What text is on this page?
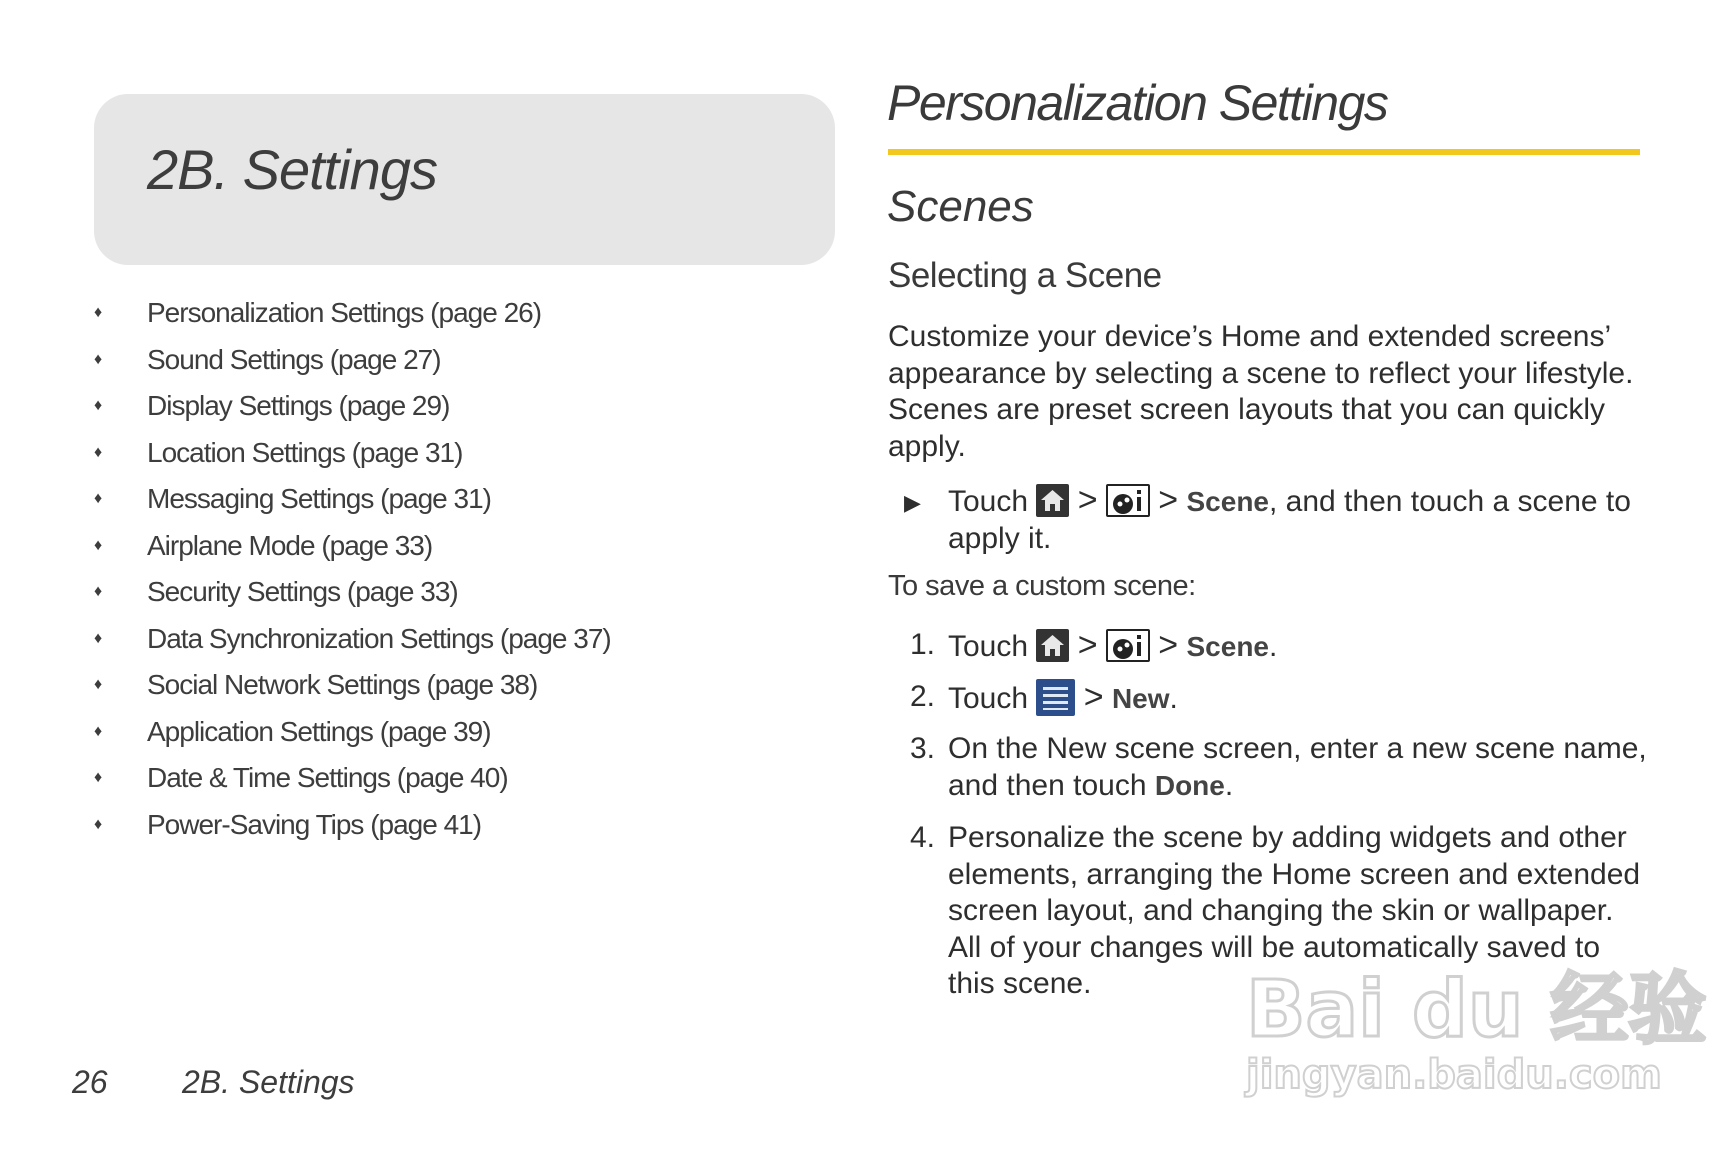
2B. Settings
♦	Personalization Settings (page 26)
♦	Sound Settings (page 27)
♦	Display Settings (page 29)
♦	Location Settings (page 31)
♦	Messaging Settings (page 31)
♦	Airplane Mode (page 33)
♦	Security Settings (page 33)
♦	Data Synchronization Settings (page 37)
♦	Social Network Settings (page 38)
♦	Application Settings (page 39)
♦	Date & Time Settings (page 40)
♦	Power-Saving Tips (page 41)
26 2B. Settings
Personalization Settings
Scenes
Selecting a Scene

Customize your device’s Home and extended screens’ appearance by selecting a scene to reflect your lifestyle. Scenes are preset screen layouts that you can quickly apply.

▶ Touch > > Scene, and then touch a scene to apply it.
To save a custom scene:
1. Touch > > Scene.
2. Touch > New.
3. On the New scene screen, enter a new scene name, and then touch Done.
4. Personalize the scene by adding widgets and other elements, arranging the Home screen and extended screen layout, and changing the skin or wallpaper. All of your changes will be automatically saved to this scene.	Bai du 经验
jingyan.baidu.com
